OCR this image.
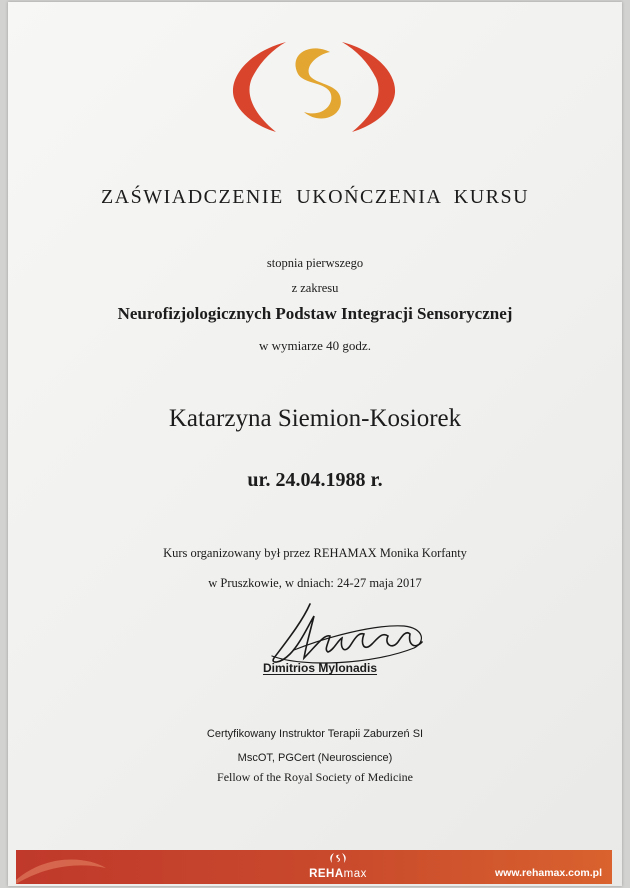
ZAŚWIADCZENIE UKOŃCZENIA KURSU
stopnia pierwszego
z zakresu
Neurofizjologicznych Podstaw Integracji Sensorycznej
w wymiarze 40 godz.
Katarzyna Siemion-Kosiorek
ur. 24.04.1988 r.
Kurs organizowany był przez REHAMAX Monika Korfanty
w Pruszkowie, w dniach: 24-27 maja 2017
Dimitrios Mylonadis
Certyfikowany Instruktor Terapii Zaburzeń SI
MscOT, PGCert (Neuroscience)
Fellow of the Royal Society of Medicine
REHAmax	www.rehamax.com.pl
